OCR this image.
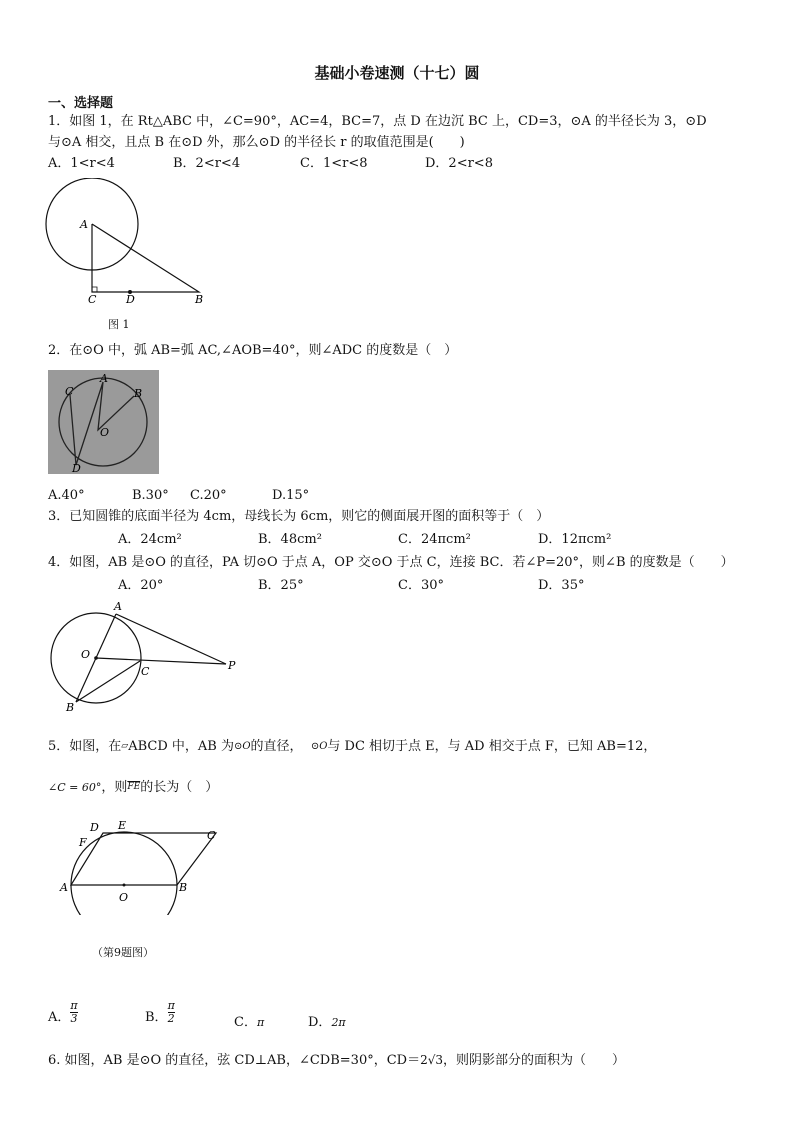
基础小卷速测（十七）圆
一、选择题
1．如图 1，在 Rt△ABC 中，∠C=90°，AC=4，BC=7，点 D 在边沉 BC 上，CD=3，⊙A 的半径长为 3，⊙D
与⊙A 相交，且点 B 在⊙D 外，那么⊙D 的半径长 r 的取值范围是(　　)
A．1<r<4	B．2<r<4	C．1<r<8	D．2<r<8
A
C	D	B
图 1
2．在⊙O 中，弧 AB=弧 AC,∠AOB=40°，则∠ADC 的度数是（　）
C
A
B
O
D
A.40°	B.30° C.20°	D.15°
3．已知圆锥的底面半径为 4cm，母线长为 6cm，则它的侧面展开图的面积等于（　）
A．24cm²	B．48cm²	C．24πcm²	D．12πcm²
4．如图，AB 是⊙O 的直径，PA 切⊙O 于点 A，OP 交⊙O 于点 C，连接 BC．若∠P=20°，则∠B 的度数是（　　）
A．20°	B．25°	C．30°	D．35°
A
O
C	P
B
5．如图，在▱ABCD 中，AB 为$^{⊙O}$的直径， $^{⊙O}$与 DC 相切于点 E，与 AD 相交于点 F，已知 AB=12，
∠C = 60°，则$^{\overline{FE}}$的长为（　）
D E
C
F
A	B
O
（第9题图）
A． $\frac{\pi}{3}$	B． $\frac{\pi}{2}$	C．$^\pi$	D．$^{2\pi}$
6. 如图，AB 是⊙O 的直径，弦 CD⊥AB，∠CDB=30°，CD＝2√3，则阴影部分的面积为（　　）
